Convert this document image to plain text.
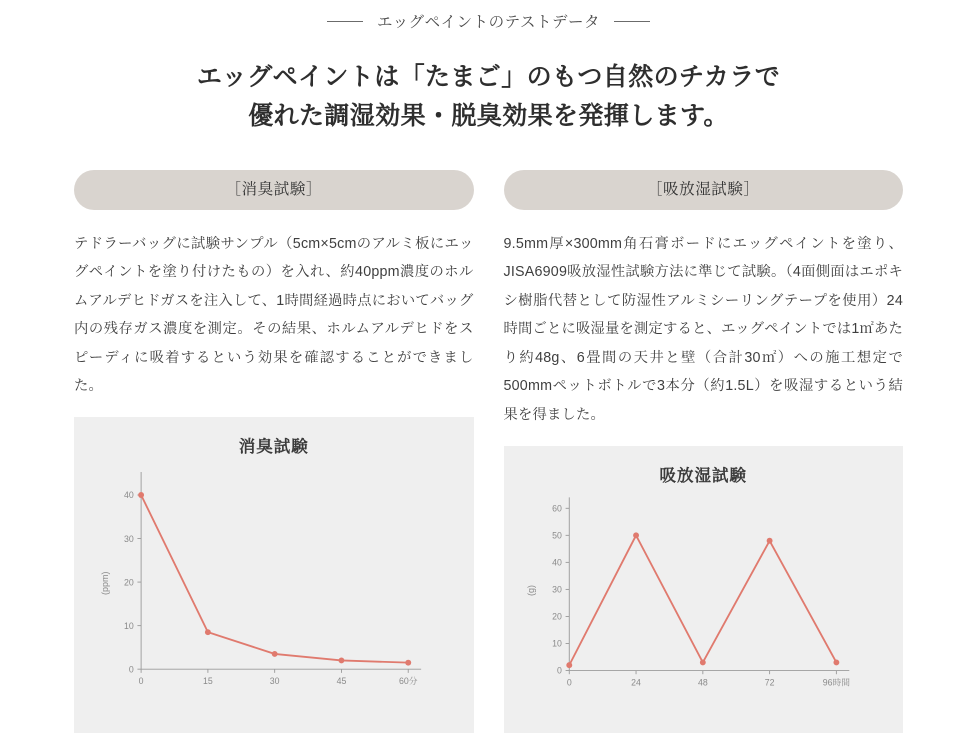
エッグペイントのテストデータ
エッグペイントは「たまご」のもつ自然のチカラで
優れた調湿効果・脱臭効果を発揮します。
［消臭試験］
テドラーバッグに試験サンプル（5cm×5cmのアルミ板にエッグペイントを塗り付けたもの）を入れ、約40ppm濃度のホルムアルデヒドガスを注入して、1時間経過時点においてバッグ内の残存ガス濃度を測定。その結果、ホルムアルデヒドをスピーディに吸着するという効果を確認することができました。
消臭試験
(ppm)
0
10
20
30
40
0	15	30	45	60分
［吸放湿試験］
9.5mm厚×300mm角石膏ボードにエッグペイントを塗り、JISA6909吸放湿性試験方法に準じて試験。（4面側面はエポキシ樹脂代替として防湿性アルミシーリングテープを使用）24時間ごとに吸湿量を測定すると、エッグペイントでは1㎡あたり約48g、6畳間の天井と壁（合計30㎡）への施工想定で500mmペットボトルで3本分（約1.5L）を吸湿するという結果を得ました。
吸放湿試験
(g)
0
10
20
30
40
50
60
0	24	48	72	96時間
